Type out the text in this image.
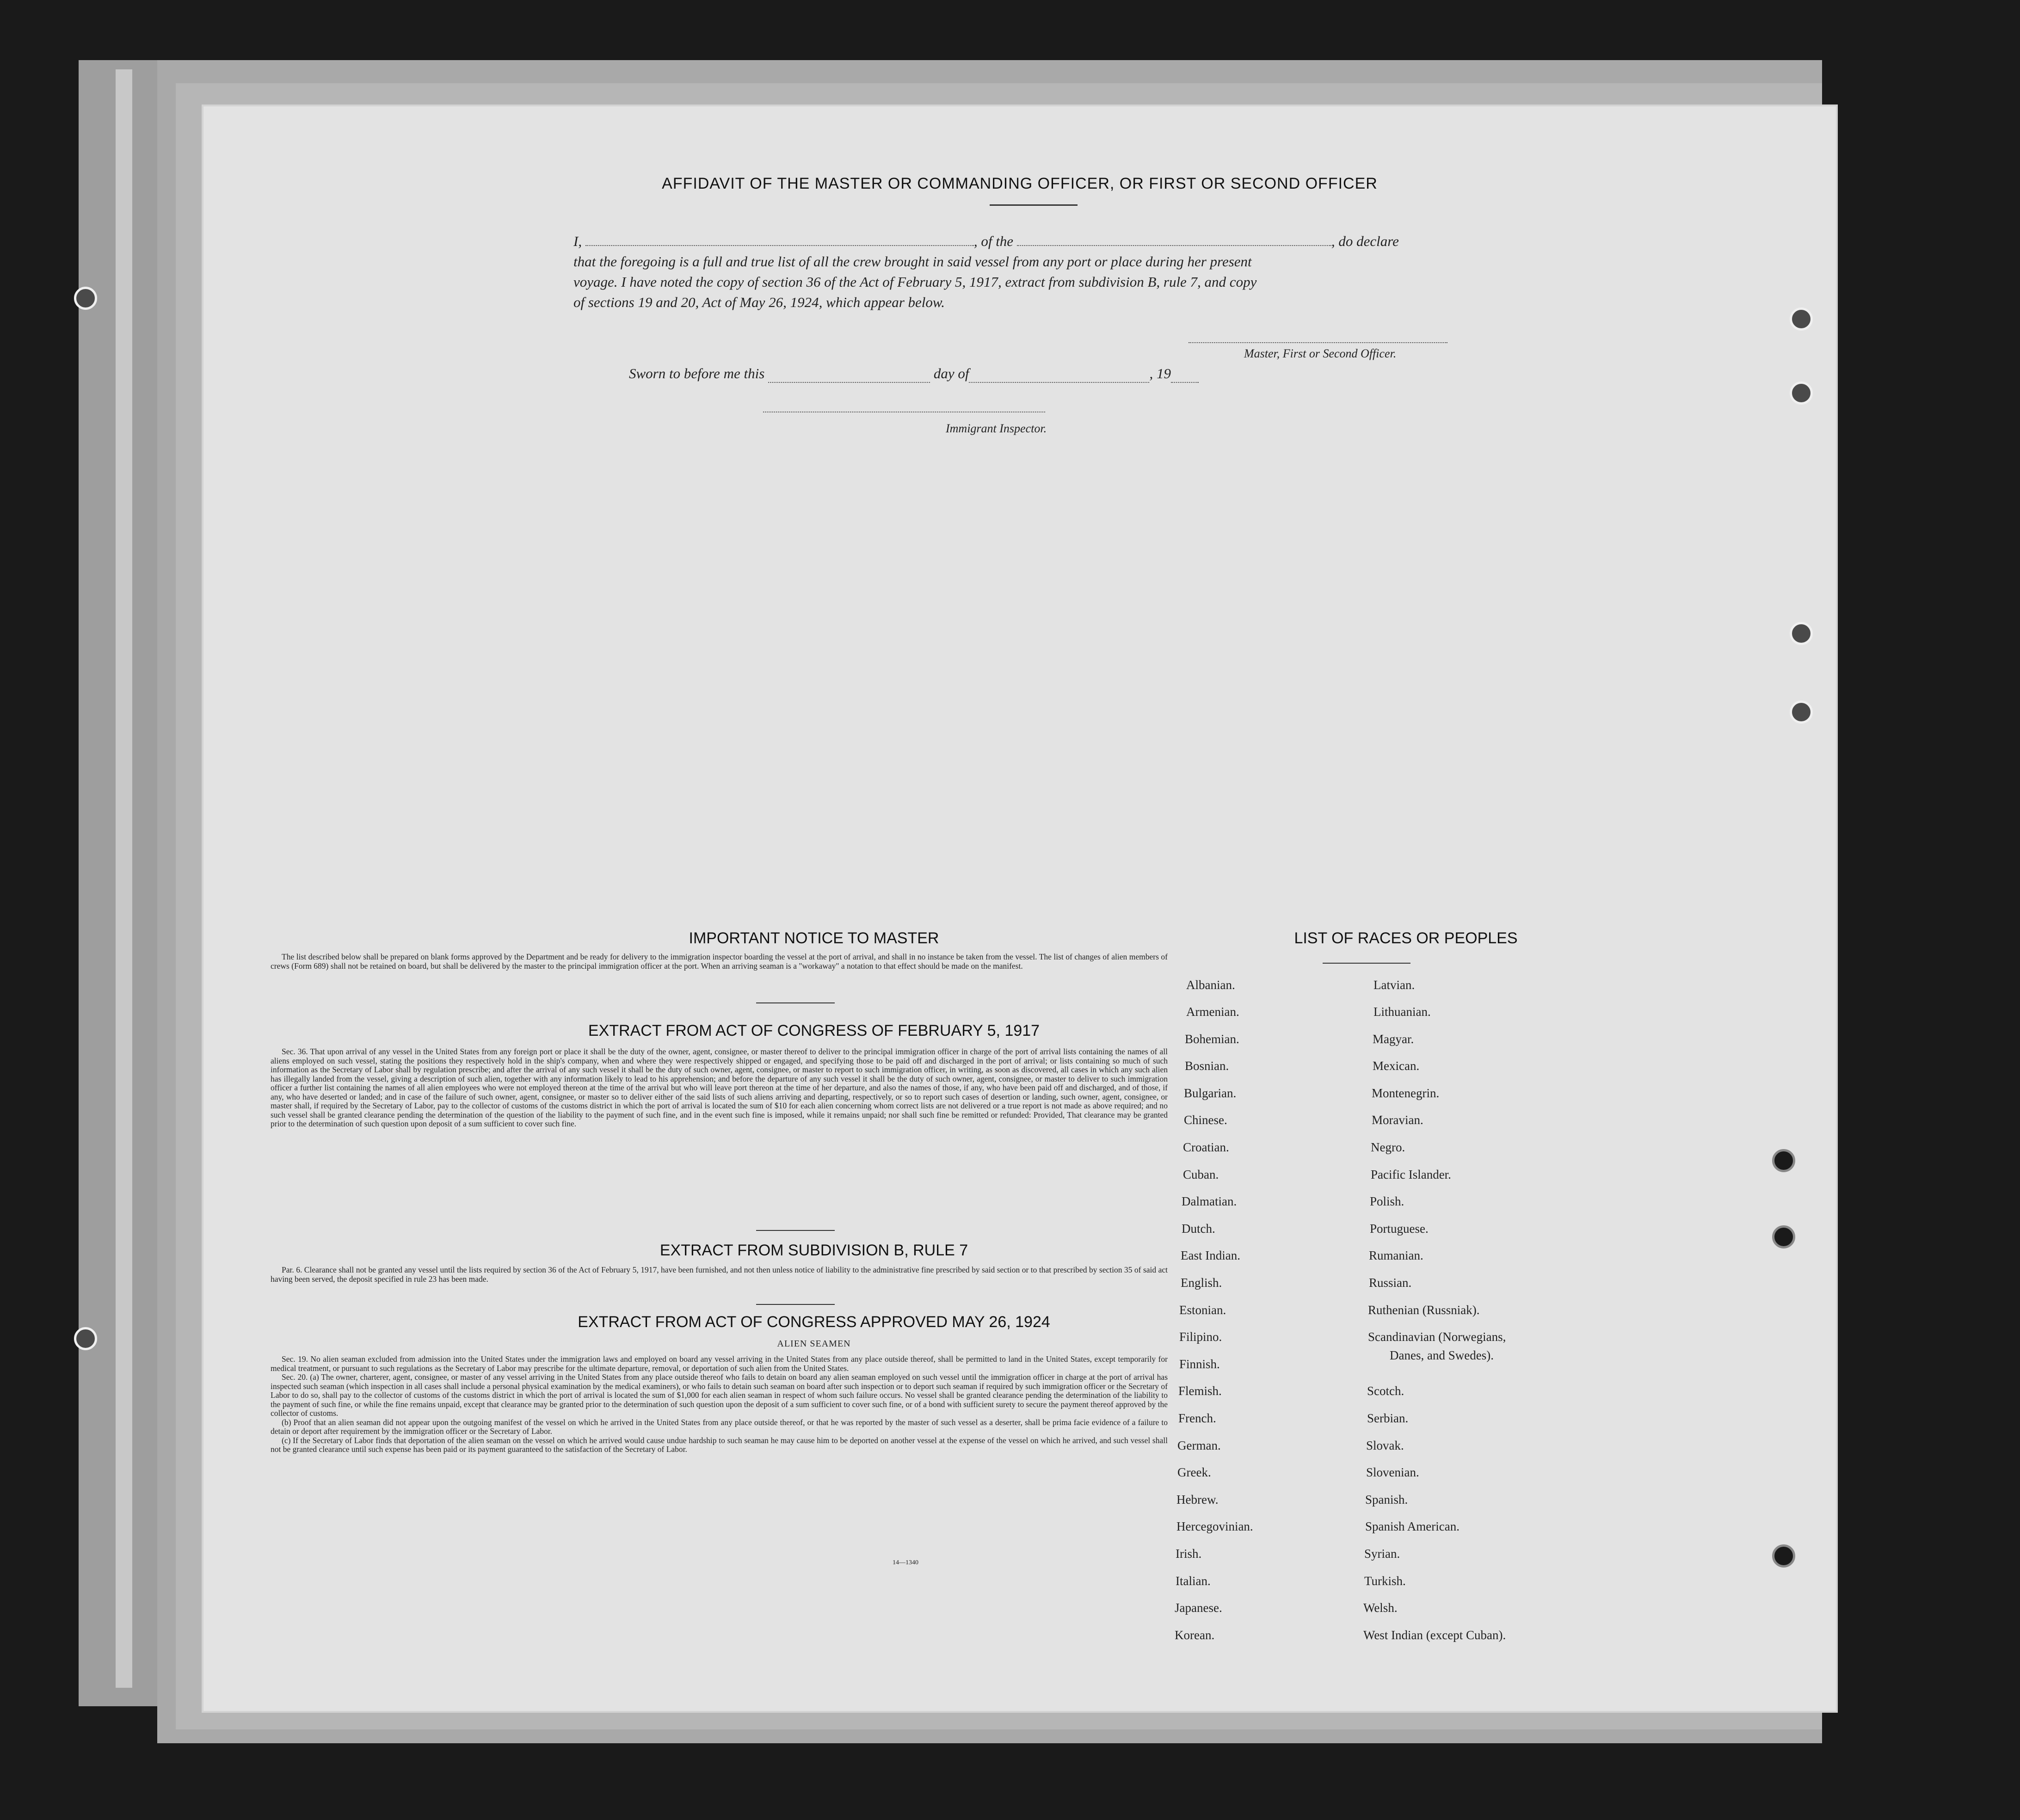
AFFIDAVIT OF THE MASTER OR COMMANDING OFFICER, OR FIRST OR SECOND OFFICER
I,	, of the	, do declare
that the foregoing is a full and true list of all the crew brought in said vessel from any port or place during her present
voyage. I have noted the copy of section 36 of the Act of February 5, 1917, extract from subdivision B, rule 7, and copy
of sections 19 and 20, Act of May 26, 1924, which appear below.
Master, First or Second Officer.
Sworn to before me this	day of	, 19
Immigrant Inspector.
IMPORTANT NOTICE TO MASTER

The list described below shall be prepared on blank forms approved by the Department and be ready for delivery to the immigration inspector boarding the vessel at the port of arrival, and shall in no instance be taken from the vessel. The list of changes of alien members of crews (Form 689) shall not be retained on board, but shall be delivered by the master to the principal immigration officer at the port. When an arriving seaman is a "workaway" a notation to that effect should be made on the manifest.

EXTRACT FROM ACT OF CONGRESS OF FEBRUARY 5, 1917

Sec. 36. That upon arrival of any vessel in the United States from any foreign port or place it shall be the duty of the owner, agent, consignee, or master thereof to deliver to the principal immigration officer in charge of the port of arrival lists containing the names of all aliens employed on such vessel, stating the positions they respectively hold in the ship's company, when and where they were respectively shipped or engaged, and specifying those to be paid off and discharged in the port of arrival; or lists containing so much of such information as the Secretary of Labor shall by regulation prescribe; and after the arrival of any such vessel it shall be the duty of such owner, agent, consignee, or master to report to such immigration officer, in writing, as soon as discovered, all cases in which any such alien has illegally landed from the vessel, giving a description of such alien, together with any information likely to lead to his apprehension; and before the departure of any such vessel it shall be the duty of such owner, agent, consignee, or master to deliver to such immigration officer a further list containing the names of all alien employees who were not employed thereon at the time of the arrival but who will leave port thereon at the time of her departure, and also the names of those, if any, who have been paid off and discharged, and of those, if any, who have deserted or landed; and in case of the failure of such owner, agent, consignee, or master so to deliver either of the said lists of such aliens arriving and departing, respectively, or so to report such cases of desertion or landing, such owner, agent, consignee, or master shall, if required by the Secretary of Labor, pay to the collector of customs of the customs district in which the port of arrival is located the sum of $10 for each alien concerning whom correct lists are not delivered or a true report is not made as above required; and no such vessel shall be granted clearance pending the determination of the question of the liability to the payment of such fine, and in the event such fine is imposed, while it remains unpaid; nor shall such fine be remitted or refunded: Provided, That clearance may be granted prior to the determination of such question upon deposit of a sum sufficient to cover such fine.

EXTRACT FROM SUBDIVISION B, RULE 7

Par. 6. Clearance shall not be granted any vessel until the lists required by section 36 of the Act of February 5, 1917, have been furnished, and not then unless notice of liability to the administrative fine prescribed by said section or to that prescribed by section 35 of said act having been served, the deposit specified in rule 23 has been made.

EXTRACT FROM ACT OF CONGRESS APPROVED MAY 26, 1924
ALIEN SEAMEN

Sec. 19. No alien seaman excluded from admission into the United States under the immigration laws and employed on board any vessel arriving in the United States from any place outside thereof, shall be permitted to land in the United States, except temporarily for medical treatment, or pursuant to such regulations as the Secretary of Labor may prescribe for the ultimate departure, removal, or deportation of such alien from the United States.

Sec. 20. (a) The owner, charterer, agent, consignee, or master of any vessel arriving in the United States from any place outside thereof who fails to detain on board any alien seaman employed on such vessel until the immigration officer in charge at the port of arrival has inspected such seaman (which inspection in all cases shall include a personal physical examination by the medical examiners), or who fails to detain such seaman on board after such inspection or to deport such seaman if required by such immigration officer or the Secretary of Labor to do so, shall pay to the collector of customs of the customs district in which the port of arrival is located the sum of $1,000 for each alien seaman in respect of whom such failure occurs. No vessel shall be granted clearance pending the determination of the liability to the payment of such fine, or while the fine remains unpaid, except that clearance may be granted prior to the determination of such question upon the deposit of a sum sufficient to cover such fine, or of a bond with sufficient surety to secure the payment thereof approved by the collector of customs.

(b) Proof that an alien seaman did not appear upon the outgoing manifest of the vessel on which he arrived in the United States from any place outside thereof, or that he was reported by the master of such vessel as a deserter, shall be prima facie evidence of a failure to detain or deport after requirement by the immigration officer or the Secretary of Labor.

(c) If the Secretary of Labor finds that deportation of the alien seaman on the vessel on which he arrived would cause undue hardship to such seaman he may cause him to be deported on another vessel at the expense of the vessel on which he arrived, and such vessel shall not be granted clearance until such expense has been paid or its payment guaranteed to the satisfaction of the Secretary of Labor.

14—1340
LIST OF RACES OR PEOPLES
Albanian.
Armenian.
Bohemian.
Bosnian.
Bulgarian.
Chinese.
Croatian.
Cuban.
Dalmatian.
Dutch.
East Indian.
English.
Estonian.
Filipino.
Finnish.
Flemish.
French.
German.
Greek.
Hebrew.
Hercegovinian.
Irish.
Italian.
Japanese.
Korean.
Latvian.
Lithuanian.
Magyar.
Mexican.
Montenegrin.
Moravian.
Negro.
Pacific Islander.
Polish.
Portuguese.
Rumanian.
Russian.
Ruthenian (Russniak).
Scandinavian (Norwegians,
Danes, and Swedes).
Scotch.
Serbian.
Slovak.
Slovenian.
Spanish.
Spanish American.
Syrian.
Turkish.
Welsh.
West Indian (except Cuban).
